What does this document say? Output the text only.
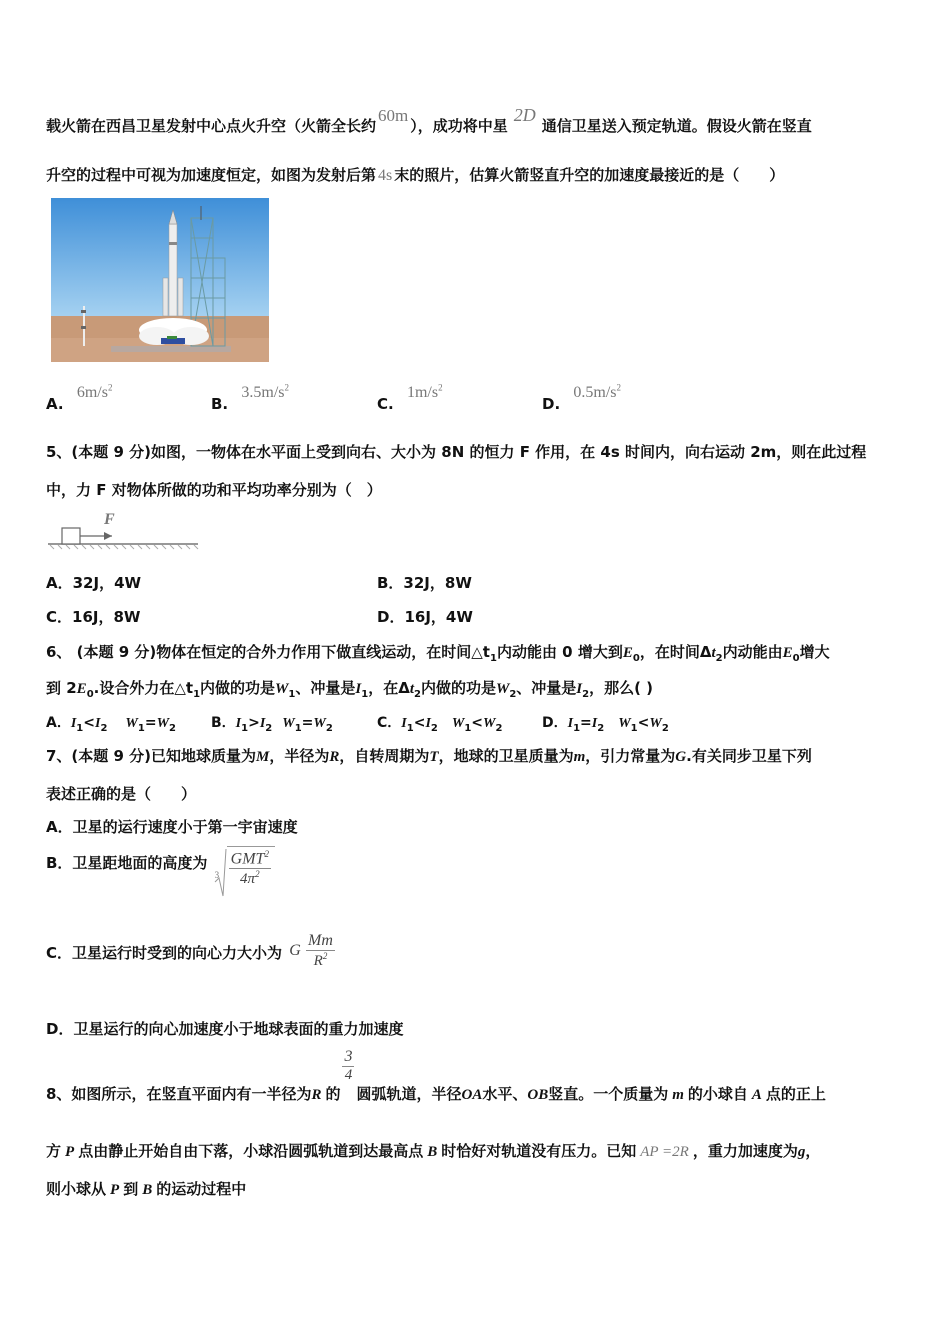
载火箭在西昌卫星发射中心点火升空（火箭全长约60m），成功将中星2D通信卫星送入预定轨道。假设火箭在竖直
升空的过程中可视为加速度恒定，如图为发射后第 4s 末的照片，估算火箭竖直升空的加速度最接近的是（　　）
A. $6m/s^2$
B. $3.5m/s^2$
C. $1m/s^2$
D. $0.5m/s^2$
5、(本题 9 分)如图，一物体在水平面上受到向右、大小为 8N 的恒力 F 作用，在 4s 时间内，向右运动 2m，则在此过程
中，力 F 对物体所做的功和平均功率分别为（　）
F
A．32J，4W	B．32J，8W
C．16J，8W	D．16J，4W
6、 (本题 9 分)物体在恒定的合外力作用下做直线运动，在时间$\triangle t_1$内动能由 0 增大到$E_0$，在时间$\Delta t_2$内动能由$E_0$增大
到 $2E_0$.设合外力在$\triangle t_1$内做的功是$W_1$、冲量是$I_1$，在$\Delta t_2$内做的功是$W_2$、冲量是$I_2$，那么( )
A．$I_1<I_2$ $W_1=W_2$	B．$I_1>I_2$ $W_1=W_2$	C．$I_1<I_2$ $W_1<W_2$	D．$I_1=I_2$ $W_1<W_2$
7、(本题 9 分)已知地球质量为M，半径为R，自转周期为T，地球的卫星质量为m，引力常量为G.有关同步卫星下列
表述正确的是（　　）
A．卫星的运行速度小于第一宇宙速度
B．卫星距地面的高度为
$3 \frac{GMT^2}{4\pi^2}$
C．卫星运行时受到的向心力大小为 G $\frac{Mm}{R^2}$
D．卫星运行的向心加速度小于地球表面的重力加速度
8、如图所示，在竖直平面内有一半径为R 的
$\frac{3}{4}$
圆弧轨道，半径OA水平、OB竖直。一个质量为 m 的小球自 A 点的正上
方 P 点由静止开始自由下落，小球沿圆弧轨道到达最高点 B 时恰好对轨道没有压力。已知 AP =2R ，重力加速度为g，
则小球从 P 到 B 的运动过程中
